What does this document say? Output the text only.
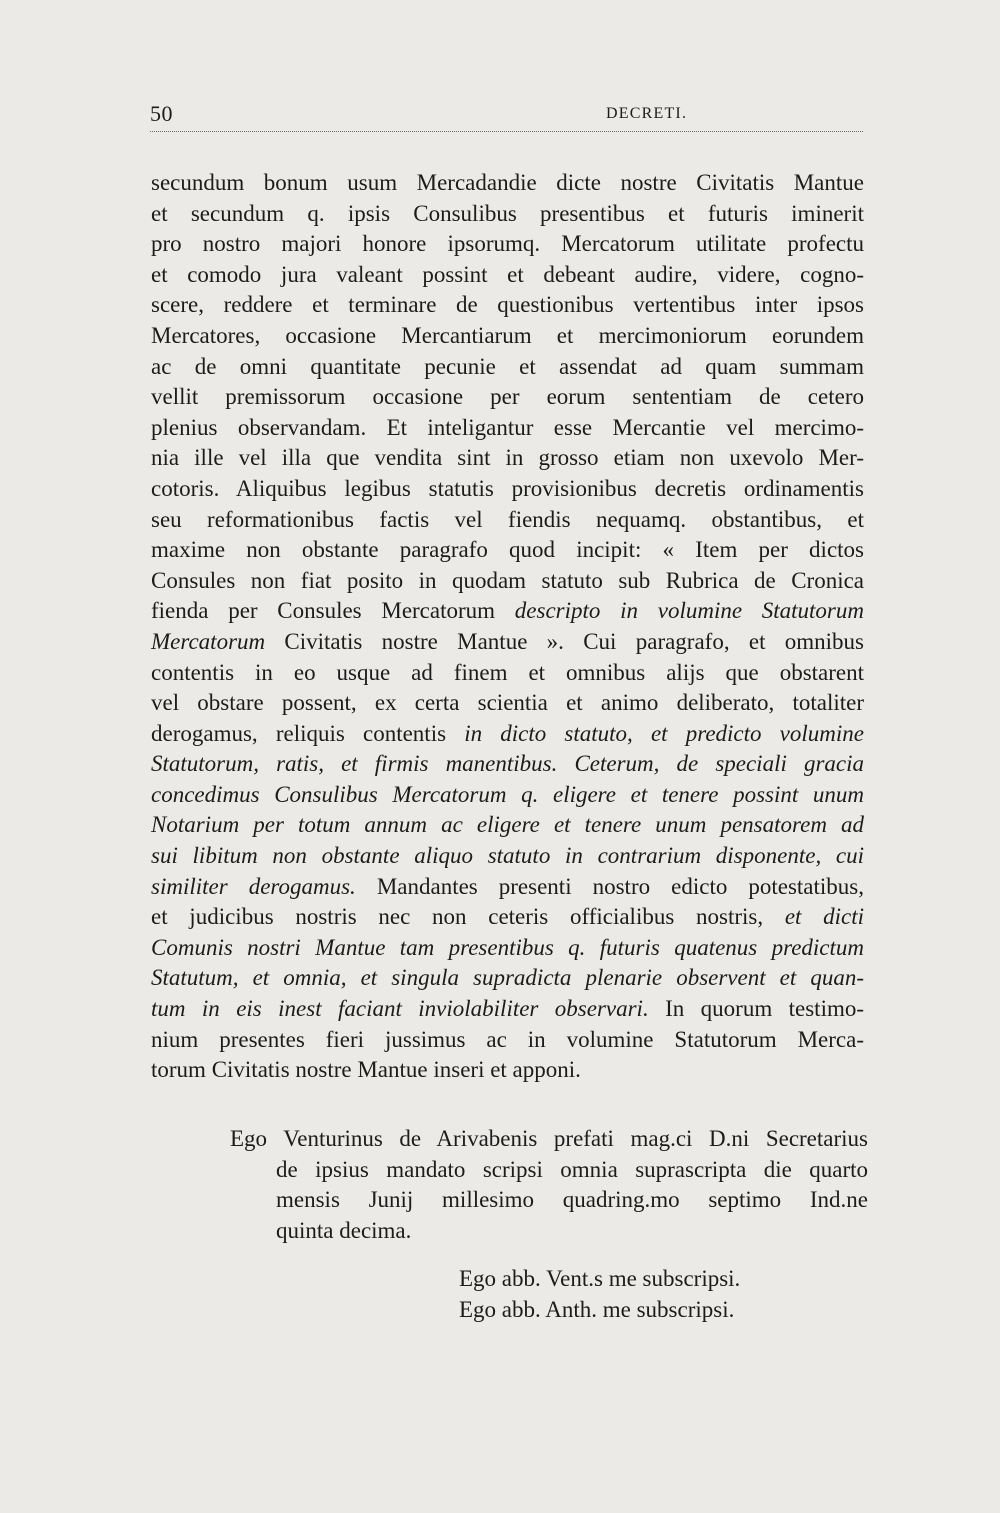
50	DECRETI.
secundum bonum usum Mercadandie dicte nostre Civitatis Mantue
et secundum q. ipsis Consulibus presentibus et futuris iminerit
pro nostro majori honore ipsorumq. Mercatorum utilitate profectu
et comodo jura valeant possint et debeant audire, videre, cogno-
scere, reddere et terminare de questionibus vertentibus inter ipsos
Mercatores, occasione Mercantiarum et mercimoniorum eorundem
ac de omni quantitate pecunie et assendat ad quam summam
vellit premissorum occasione per eorum sententiam de cetero
plenius observandam. Et inteligantur esse Mercantie vel mercimo-
nia ille vel illa que vendita sint in grosso etiam non uxevolo Mer-
cotoris. Aliquibus legibus statutis provisionibus decretis ordinamentis
seu reformationibus factis vel fiendis nequamq. obstantibus, et
maxime non obstante paragrafo quod incipit: « Item per dictos
Consules non fiat posito in quodam statuto sub Rubrica de Cronica
fienda per Consules Mercatorum descripto in volumine Statutorum
Mercatorum Civitatis nostre Mantue ». Cui paragrafo, et omnibus
contentis in eo usque ad finem et omnibus alijs que obstarent
vel obstare possent, ex certa scientia et animo deliberato, totaliter
derogamus, reliquis contentis in dicto statuto, et predicto volumine
Statutorum, ratis, et firmis manentibus. Ceterum, de speciali gracia
concedimus Consulibus Mercatorum q. eligere et tenere possint unum
Notarium per totum annum ac eligere et tenere unum pensatorem ad
sui libitum non obstante aliquo statuto in contrarium disponente, cui
similiter derogamus. Mandantes presenti nostro edicto potestatibus,
et judicibus nostris nec non ceteris officialibus nostris, et dicti
Comunis nostri Mantue tam presentibus q. futuris quatenus predictum
Statutum, et omnia, et singula supradicta plenarie observent et quan-
tum in eis inest faciant inviolabiliter observari. In quorum testimo-
nium presentes fieri jussimus ac in volumine Statutorum Merca-
torum Civitatis nostre Mantue inseri et apponi.
Ego Venturinus de Arivabenis prefati mag.ci D.ni Secretarius
de ipsius mandato scripsi omnia suprascripta die quarto
mensis Junij millesimo quadring.mo septimo Ind.ne
quinta decima.
Ego abb. Vent.s me subscripsi.
Ego abb. Anth. me subscripsi.
